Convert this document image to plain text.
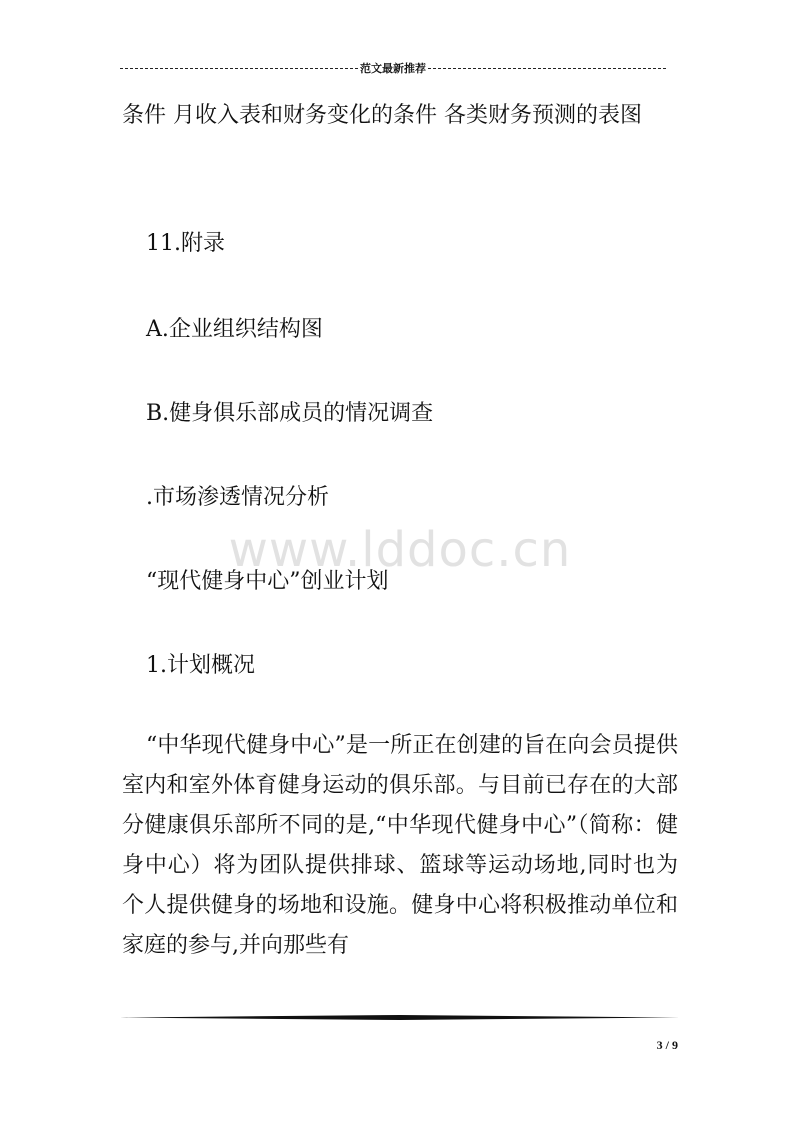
范文最新推荐
www.lddoc.cn
条件 月收入表和财务变化的条件 各类财务预测的表图
11.附录
A.企业组织结构图
B.健身俱乐部成员的情况调查
.市场渗透情况分析
“现代健身中心”创业计划
1.计划概况
“中华现代健身中心”是一所正在创建的旨在向会员提供室内和室外体育健身运动的俱乐部。与目前已存在的大部分健康俱乐部所不同的是,“中华现代健身中心”（简称：健身中心）将为团队提供排球、篮球等运动场地,同时也为个人提供健身的场地和设施。健身中心将积极推动单位和家庭的参与,并向那些有
3 / 9
